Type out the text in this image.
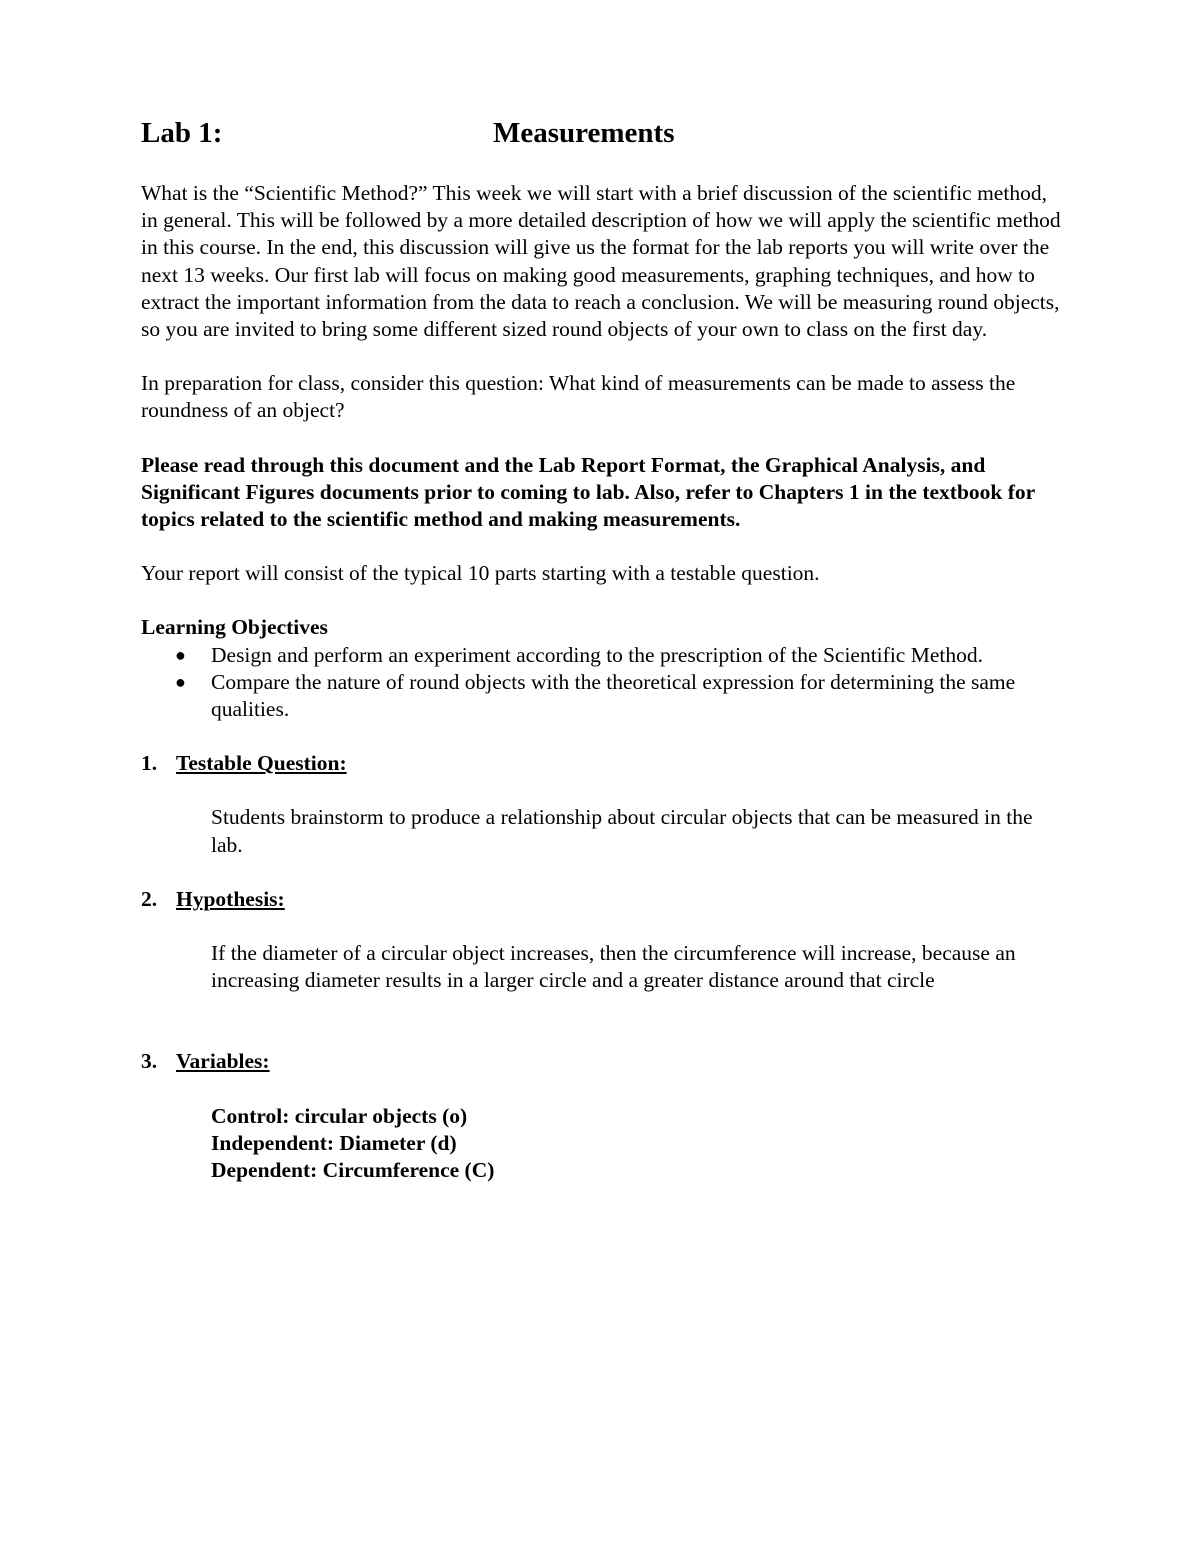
Lab 1:	Measurements

What is the “Scientific Method?” This week we will start with a brief discussion of the scientific method, in general. This will be followed by a more detailed description of how we will apply the scientific method in this course. In the end, this discussion will give us the format for the lab reports you will write over the next 13 weeks. Our first lab will focus on making good measurements, graphing techniques, and how to extract the important information from the data to reach a conclusion. We will be measuring round objects, so you are invited to bring some different sized round objects of your own to class on the first day.

In preparation for class, consider this question: What kind of measurements can be made to assess the roundness of an object?

Please read through this document and the Lab Report Format, the Graphical Analysis, and Significant Figures documents prior to coming to lab. Also, refer to Chapters 1 in the textbook for topics related to the scientific method and making measurements.

Your report will consist of the typical 10 parts starting with a testable question.

Learning Objectives
● Design and perform an experiment according to the prescription of the Scientific Method.
● Compare the nature of round objects with the theoretical expression for determining the same qualities.
1. Testable Question:
Students brainstorm to produce a relationship about circular objects that can be measured in the lab.
2. Hypothesis:
If the diameter of a circular object increases, then the circumference will increase, because an increasing diameter results in a larger circle and a greater distance around that circle
3. Variables:
Control: circular objects (o)
Independent: Diameter (d)
Dependent: Circumference (C)
